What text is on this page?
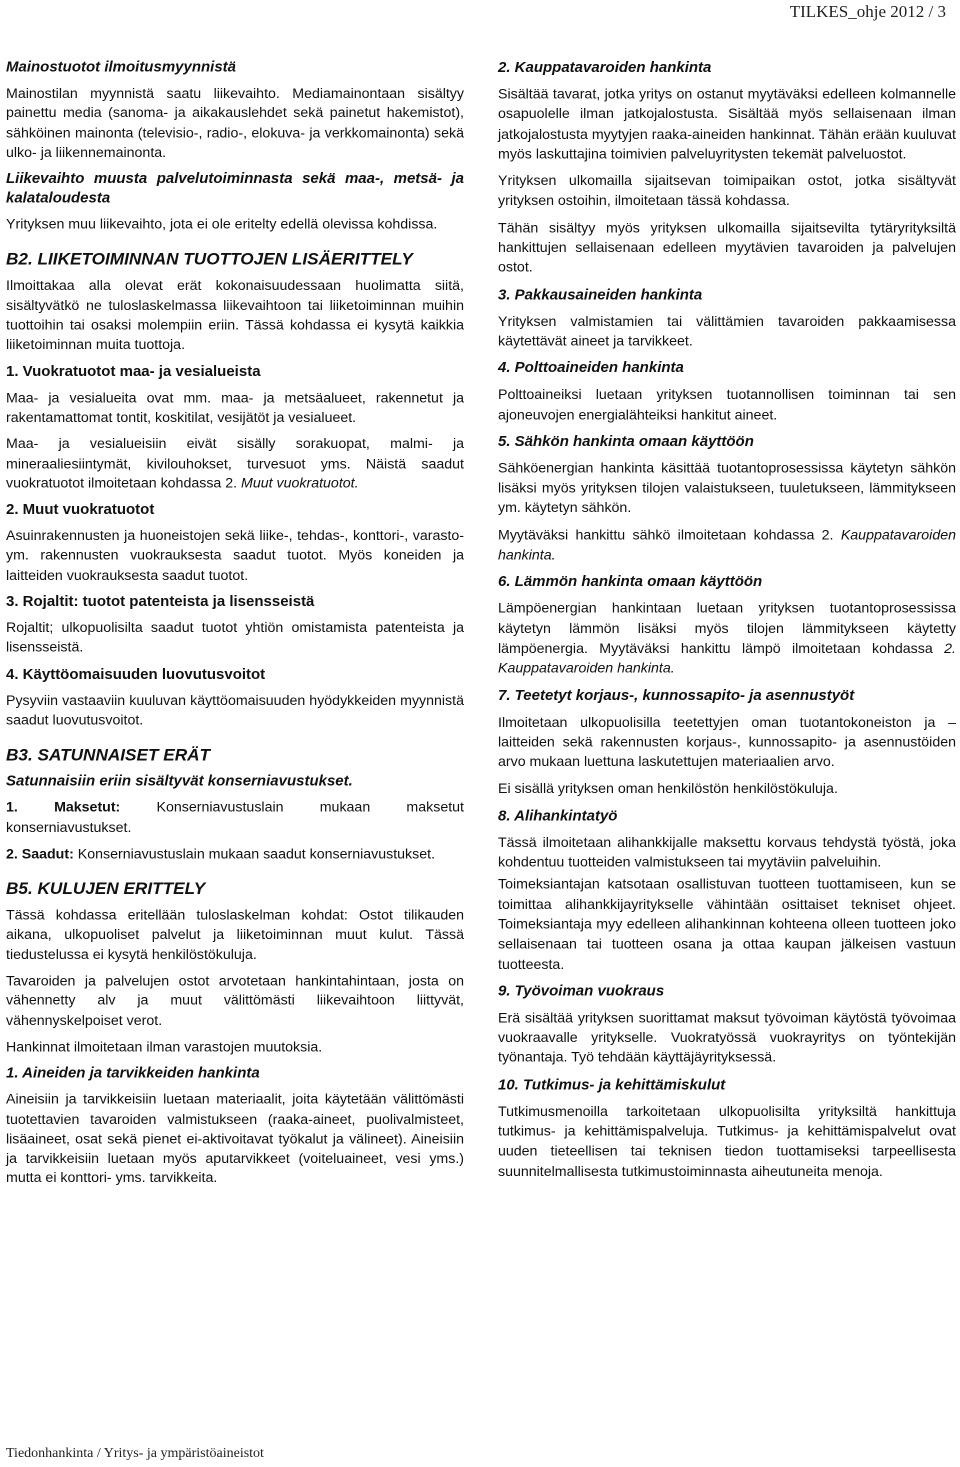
TILKES_ohje 2012 / 3
Mainostuotot ilmoitusmyynnistä

Mainostilan myynnistä saatu liikevaihto. Mediamainontaan sisältyy painettu media (sanoma- ja aikakauslehdet sekä painetut hakemistot), sähköinen mainonta (televisio-, radio-, elokuva- ja verkkomainonta) sekä ulko- ja liikennemainonta.

Liikevaihto muusta palvelutoiminnasta sekä maa-, metsä- ja kalataloudesta

Yrityksen muu liikevaihto, jota ei ole eritelty edellä olevissa kohdissa.

B2. LIIKETOIMINNAN TUOTTOJEN LISÄERITTELY

Ilmoittakaa alla olevat erät kokonaisuudessaan huolimatta siitä, sisältyvätkö ne tuloslaskelmassa liikevaihtoon tai liiketoiminnan muihin tuottoihin tai osaksi molempiin eriin. Tässä kohdassa ei kysytä kaikkia liiketoiminnan muita tuottoja.

1. Vuokratuotot maa- ja vesialueista

Maa- ja vesialueita ovat mm. maa- ja metsäalueet, rakennetut ja rakentamattomat tontit, koskitilat, vesijätöt ja vesialueet.

Maa- ja vesialueisiin eivät sisälly sorakuopat, malmi- ja mineraaliesiintymät, kivilouhokset, turvesuot yms. Näistä saadut vuokratuotot ilmoitetaan kohdassa 2. Muut vuokratuotot.

2. Muut vuokratuotot

Asuinrakennusten ja huoneistojen sekä liike-, tehdas-, konttori-, varasto- ym. rakennusten vuokrauksesta saadut tuotot. Myös koneiden ja laitteiden vuokrauksesta saadut tuotot.

3. Rojaltit: tuotot patenteista ja lisensseistä

Rojaltit; ulkopuolisilta saadut tuotot yhtiön omistamista patenteista ja lisensseistä.

4. Käyttöomaisuuden luovutusvoitot

Pysyviin vastaaviin kuuluvan käyttöomaisuuden hyödykkeiden myynnistä saadut luovutusvoitot.

B3. SATUNNAISET ERÄT
Satunnaisiin eriin sisältyvät konserniavustukset.

1. Maksetut: Konserniavustuslain mukaan maksetut konserniavustukset.

2. Saadut: Konserniavustuslain mukaan saadut konserniavustukset.

B5. KULUJEN ERITTELY

Tässä kohdassa eritellään tuloslaskelman kohdat: Ostot tilikauden aikana, ulkopuoliset palvelut ja liiketoiminnan muut kulut. Tässä tiedustelussa ei kysytä henkilöstökuluja.

Tavaroiden ja palvelujen ostot arvotetaan hankintahintaan, josta on vähennetty alv ja muut välittömästi liikevaihtoon liittyvät, vähennyskelpoiset verot.

Hankinnat ilmoitetaan ilman varastojen muutoksia.

1. Aineiden ja tarvikkeiden hankinta

Aineisiin ja tarvikkeisiin luetaan materiaalit, joita käytetään välittömästi tuotettavien tavaroiden valmistukseen (raaka-aineet, puolivalmisteet, lisäaineet, osat sekä pienet ei-aktivoitavat työkalut ja välineet). Aineisiin ja tarvikkeisiin luetaan myös aputarvikkeet (voiteluaineet, vesi yms.) mutta ei konttori- yms. tarvikkeita.

2. Kauppatavaroiden hankinta

Sisältää tavarat, jotka yritys on ostanut myytäväksi edelleen kolmannelle osapuolelle ilman jatkojalostusta. Sisältää myös sellaisenaan ilman jatkojalostusta myytyjen raaka-aineiden hankinnat. Tähän erään kuuluvat myös laskuttajina toimivien palveluyritysten tekemät palveluostot.

Yrityksen ulkomailla sijaitsevan toimipaikan ostot, jotka sisältyvät yrityksen ostoihin, ilmoitetaan tässä kohdassa.

Tähän sisältyy myös yrityksen ulkomailla sijaitsevilta tytäryrityksiltä hankittujen sellaisenaan edelleen myytävien tavaroiden ja palvelujen ostot.

3. Pakkausaineiden hankinta

Yrityksen valmistamien tai välittämien tavaroiden pakkaamisessa käytettävät aineet ja tarvikkeet.

4. Polttoaineiden hankinta

Polttoaineiksi luetaan yrityksen tuotannollisen toiminnan tai sen ajoneuvojen energialähteiksi hankitut aineet.

5. Sähkön hankinta omaan käyttöön

Sähköenergian hankinta käsittää tuotantoprosessissa käytetyn sähkön lisäksi myös yrityksen tilojen valaistukseen, tuuletukseen, lämmitykseen ym. käytetyn sähkön.

Myytäväksi hankittu sähkö ilmoitetaan kohdassa 2. Kauppatavaroiden hankinta.

6. Lämmön hankinta omaan käyttöön

Lämpöenergian hankintaan luetaan yrityksen tuotantoprosessissa käytetyn lämmön lisäksi myös tilojen lämmitykseen käytetty lämpöenergia. Myytäväksi hankittu lämpö ilmoitetaan kohdassa 2. Kauppatavaroiden hankinta.

7. Teetetyt korjaus-, kunnossapito- ja asennustyöt

Ilmoitetaan ulkopuolisilla teetettyjen oman tuotantokoneiston ja – laitteiden sekä rakennusten korjaus-, kunnossapito- ja asennustöiden arvo mukaan luettuna laskutettujen materiaalien arvo.

Ei sisällä yrityksen oman henkilöstön henkilöstökuluja.

8. Alihankintatyö

Tässä ilmoitetaan alihankkijalle maksettu korvaus tehdystä työstä, joka kohdentuu tuotteiden valmistukseen tai myytäviin palveluihin.

Toimeksiantajan katsotaan osallistuvan tuotteen tuottamiseen, kun se toimittaa alihankkijayritykselle vähintään osittaiset tekniset ohjeet. Toimeksiantaja myy edelleen alihankinnan kohteena olleen tuotteen joko sellaisenaan tai tuotteen osana ja ottaa kaupan jälkeisen vastuun tuotteesta.

9. Työvoiman vuokraus

Erä sisältää yrityksen suorittamat maksut työvoiman käytöstä työvoimaa vuokraavalle yritykselle. Vuokratyössä vuokrayritys on työntekijän työnantaja. Työ tehdään käyttäjäyrityksessä.

10. Tutkimus- ja kehittämiskulut

Tutkimusmenoilla tarkoitetaan ulkopuolisilta yrityksiltä hankittuja tutkimus- ja kehittämispalveluja. Tutkimus- ja kehittämispalvelut ovat uuden tieteellisen tai teknisen tiedon tuottamiseksi tarpeellisesta suunnitelmallisesta tutkimustoiminnasta aiheutuneita menoja.

Tiedonhankinta / Yritys- ja ympäristöaineistot
